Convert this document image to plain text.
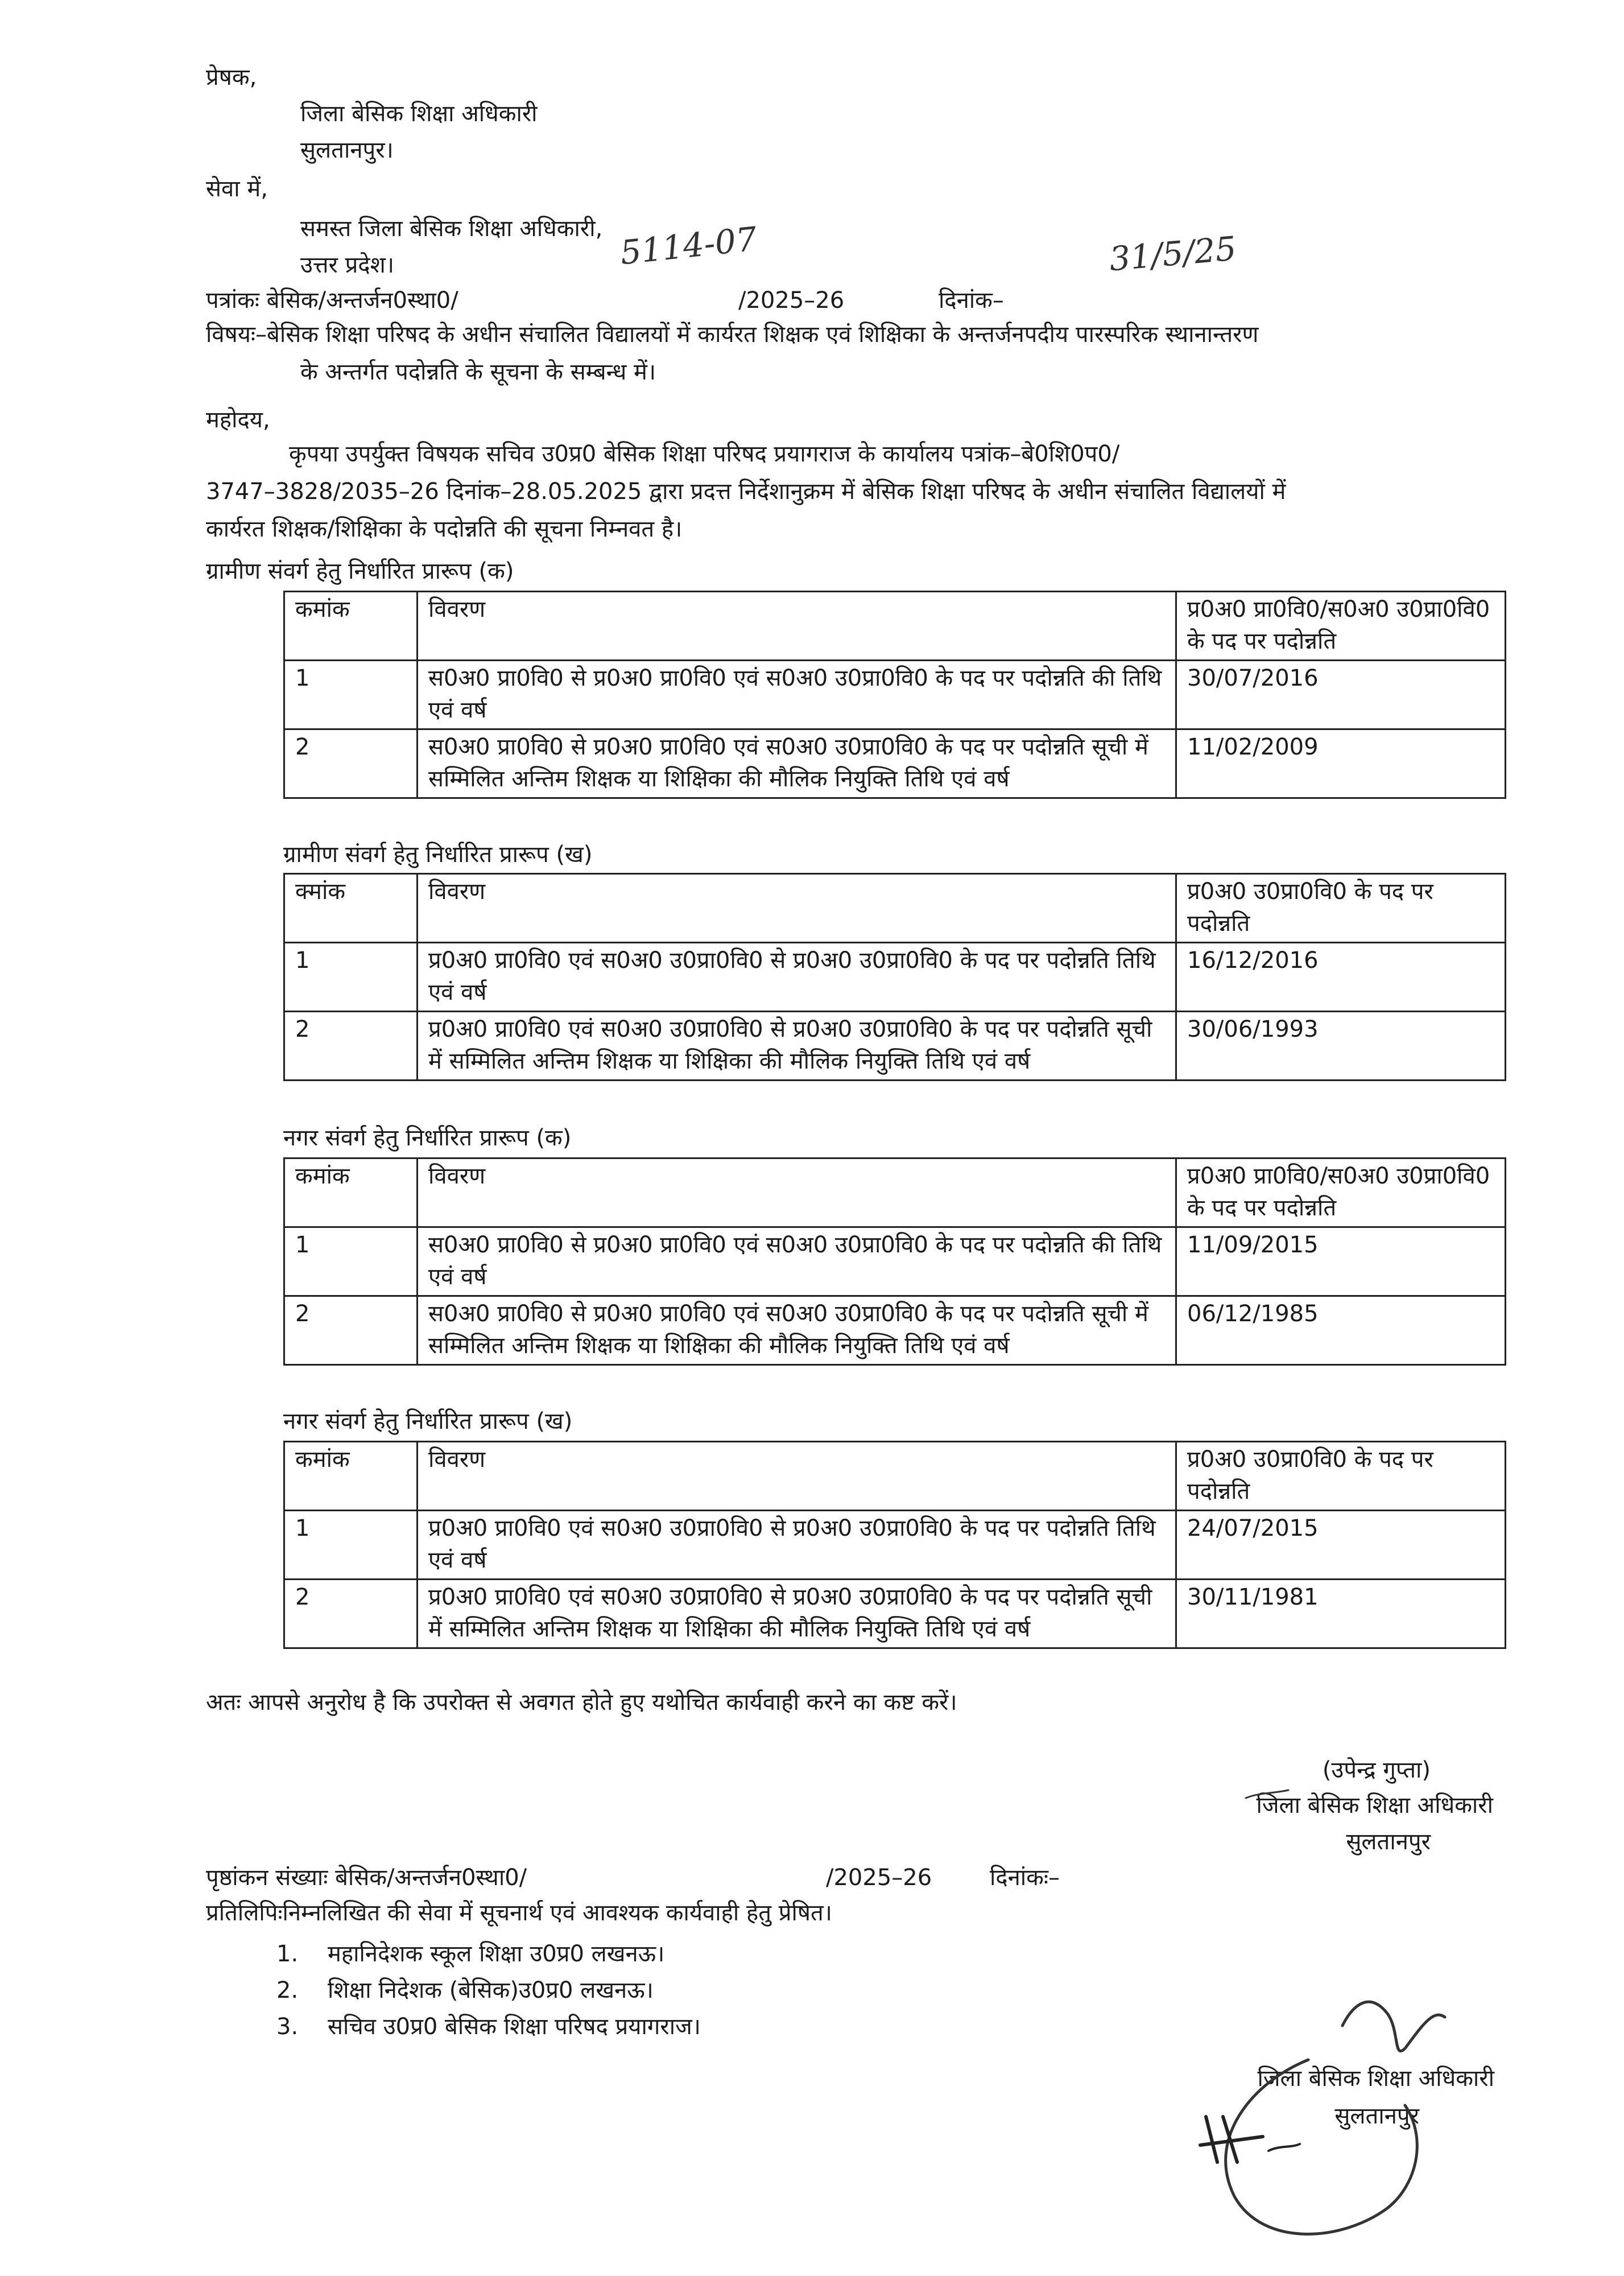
प्रेषक,
जिला बेसिक शिक्षा अधिकारी
सुलतानपुर।
सेवा में,
समस्त जिला बेसिक शिक्षा अधिकारी,
उत्तर प्रदेश।	5114-07	31/5/25
पत्रांकः बेसिक/अन्तर्जन0स्था0/	/2025–26	दिनांक–
विषयः–बेसिक शिक्षा परिषद के अधीन संचालित विद्यालयों में कार्यरत शिक्षक एवं शिक्षिका के अन्तर्जनपदीय पारस्परिक स्थानान्तरण
के अन्तर्गत पदोन्नति के सूचना के सम्बन्ध में।
महोदय,
कृपया उपर्युक्त विषयक सचिव उ0प्र0 बेसिक शिक्षा परिषद प्रयागराज के कार्यालय पत्रांक–बे0शि0प0/
3747–3828/2035–26 दिनांक–28.05.2025 द्वारा प्रदत्त निर्देशानुक्रम में बेसिक शिक्षा परिषद के अधीन संचालित विद्यालयों में
कार्यरत शिक्षक/शिक्षिका के पदोन्नति की सूचना निम्नवत है।
ग्रामीण संवर्ग हेतु निर्धारित प्रारूप (क)
कमांक	विवरण	प्र0अ0 प्रा0वि0/स0अ0 उ0प्रा0वि0 के पद पर पदोन्नति
1	स0अ0 प्रा0वि0 से प्र0अ0 प्रा0वि0 एवं स0अ0 उ0प्रा0वि0 के पद पर पदोन्नति की तिथि एवं वर्ष	30/07/2016
2	स0अ0 प्रा0वि0 से प्र0अ0 प्रा0वि0 एवं स0अ0 उ0प्रा0वि0 के पद पर पदोन्नति सूची में सम्मिलित अन्तिम शिक्षक या शिक्षिका की मौलिक नियुक्ति तिथि एवं वर्ष	11/02/2009
ग्रामीण संवर्ग हेतु निर्धारित प्रारूप (ख)
क्मांक	विवरण	प्र0अ0 उ0प्रा0वि0 के पद पर पदोन्नति
1	प्र0अ0 प्रा0वि0 एवं स0अ0 उ0प्रा0वि0 से प्र0अ0 उ0प्रा0वि0 के पद पर पदोन्नति तिथि एवं वर्ष	16/12/2016
2	प्र0अ0 प्रा0वि0 एवं स0अ0 उ0प्रा0वि0 से प्र0अ0 उ0प्रा0वि0 के पद पर पदोन्नति सूची में सम्मिलित अन्तिम शिक्षक या शिक्षिका की मौलिक नियुक्ति तिथि एवं वर्ष	30/06/1993
नगर संवर्ग हेतु निर्धारित प्रारूप (क)
कमांक	विवरण	प्र0अ0 प्रा0वि0/स0अ0 उ0प्रा0वि0 के पद पर पदोन्नति
1	स0अ0 प्रा0वि0 से प्र0अ0 प्रा0वि0 एवं स0अ0 उ0प्रा0वि0 के पद पर पदोन्नति की तिथि एवं वर्ष	11/09/2015
2	स0अ0 प्रा0वि0 से प्र0अ0 प्रा0वि0 एवं स0अ0 उ0प्रा0वि0 के पद पर पदोन्नति सूची में सम्मिलित अन्तिम शिक्षक या शिक्षिका की मौलिक नियुक्ति तिथि एवं वर्ष	06/12/1985
नगर संवर्ग हेतु निर्धारित प्रारूप (ख)
कमांक	विवरण	प्र0अ0 उ0प्रा0वि0 के पद पर पदोन्नति
1	प्र0अ0 प्रा0वि0 एवं स0अ0 उ0प्रा0वि0 से प्र0अ0 उ0प्रा0वि0 के पद पर पदोन्नति तिथि एवं वर्ष	24/07/2015
2	प्र0अ0 प्रा0वि0 एवं स0अ0 उ0प्रा0वि0 से प्र0अ0 उ0प्रा0वि0 के पद पर पदोन्नति सूची में सम्मिलित अन्तिम शिक्षक या शिक्षिका की मौलिक नियुक्ति तिथि एवं वर्ष	30/11/1981
अतः आपसे अनुरोध है कि उपरोक्त से अवगत होते हुए यथोचित कार्यवाही करने का कष्ट करें।
(उपेन्द्र गुप्ता)
जिला बेसिक शिक्षा अधिकारी
सुलतानपुर
पृष्ठांकन संख्याः बेसिक/अन्तर्जन0स्था0/	/2025–26	दिनांकः–
प्रतिलिपिःनिम्नलिखित की सेवा में सूचनार्थ एवं आवश्यक कार्यवाही हेतु प्रेषित।
1. महानिदेशक स्कूल शिक्षा उ0प्र0 लखनऊ।
2. शिक्षा निदेशक (बेसिक)उ0प्र0 लखनऊ।
3. सचिव उ0प्र0 बेसिक शिक्षा परिषद प्रयागराज।
जिला बेसिक शिक्षा अधिकारी
सुलतानपुर
